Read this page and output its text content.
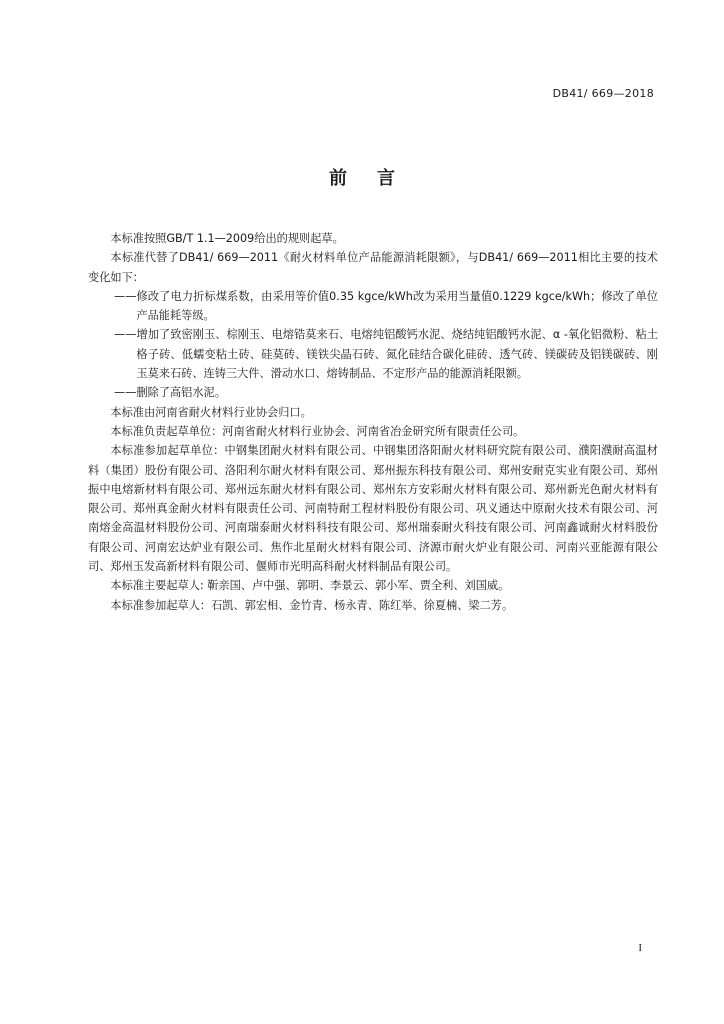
DB41/ 669—2018
前言

本标准按照GB/T 1.1—2009给出的规则起草。

本标准代替了DB41/ 669—2011《耐火材料单位产品能源消耗限额》，与DB41/ 669—2011相比主要的技术变化如下：

——修改了电力折标煤系数，由采用等价值0.35 kgce/kWh改为采用当量值0.1229 kgce/kWh；修改了单位产品能耗等级。

——增加了致密刚玉、棕刚玉、电熔锆莫来石、电熔纯铝酸钙水泥、烧结纯铝酸钙水泥、α -氧化铝微粉、粘土格子砖、低蠕变粘土砖、硅莫砖、镁铁尖晶石砖、氮化硅结合碳化硅砖、透气砖、镁碳砖及铝镁碳砖、刚玉莫来石砖、连铸三大件、滑动水口、熔铸制品、不定形产品的能源消耗限额。

——删除了高铝水泥。

本标准由河南省耐火材料行业协会归口。

本标准负责起草单位：河南省耐火材料行业协会、河南省冶金研究所有限责任公司。

本标准参加起草单位：中钢集团耐火材料有限公司、中钢集团洛阳耐火材料研究院有限公司、濮阳濮耐高温材料（集团）股份有限公司、洛阳利尔耐火材料有限公司、郑州振东科技有限公司、郑州安耐克实业有限公司、郑州振中电熔新材料有限公司、郑州远东耐火材料有限公司、郑州东方安彩耐火材料有限公司、郑州新光色耐火材料有限公司、郑州真金耐火材料有限责任公司、河南特耐工程材料股份有限公司、巩义通达中原耐火技术有限公司、河南熔金高温材料股份公司、河南瑞泰耐火材料科技有限公司、郑州瑞泰耐火科技有限公司、河南鑫诚耐火材料股份有限公司、河南宏达炉业有限公司、焦作北星耐火材料有限公司、济源市耐火炉业有限公司、河南兴亚能源有限公司、郑州玉发高新材料有限公司、偃师市光明高科耐火材料制品有限公司。

本标准主要起草人: 靳亲国、卢中强、郭明、李景云、郭小军、贾全利、刘国威。

本标准参加起草人：石凯、郭宏相、金竹青、杨永青、陈红举、徐夏楠、梁二芳。

I
